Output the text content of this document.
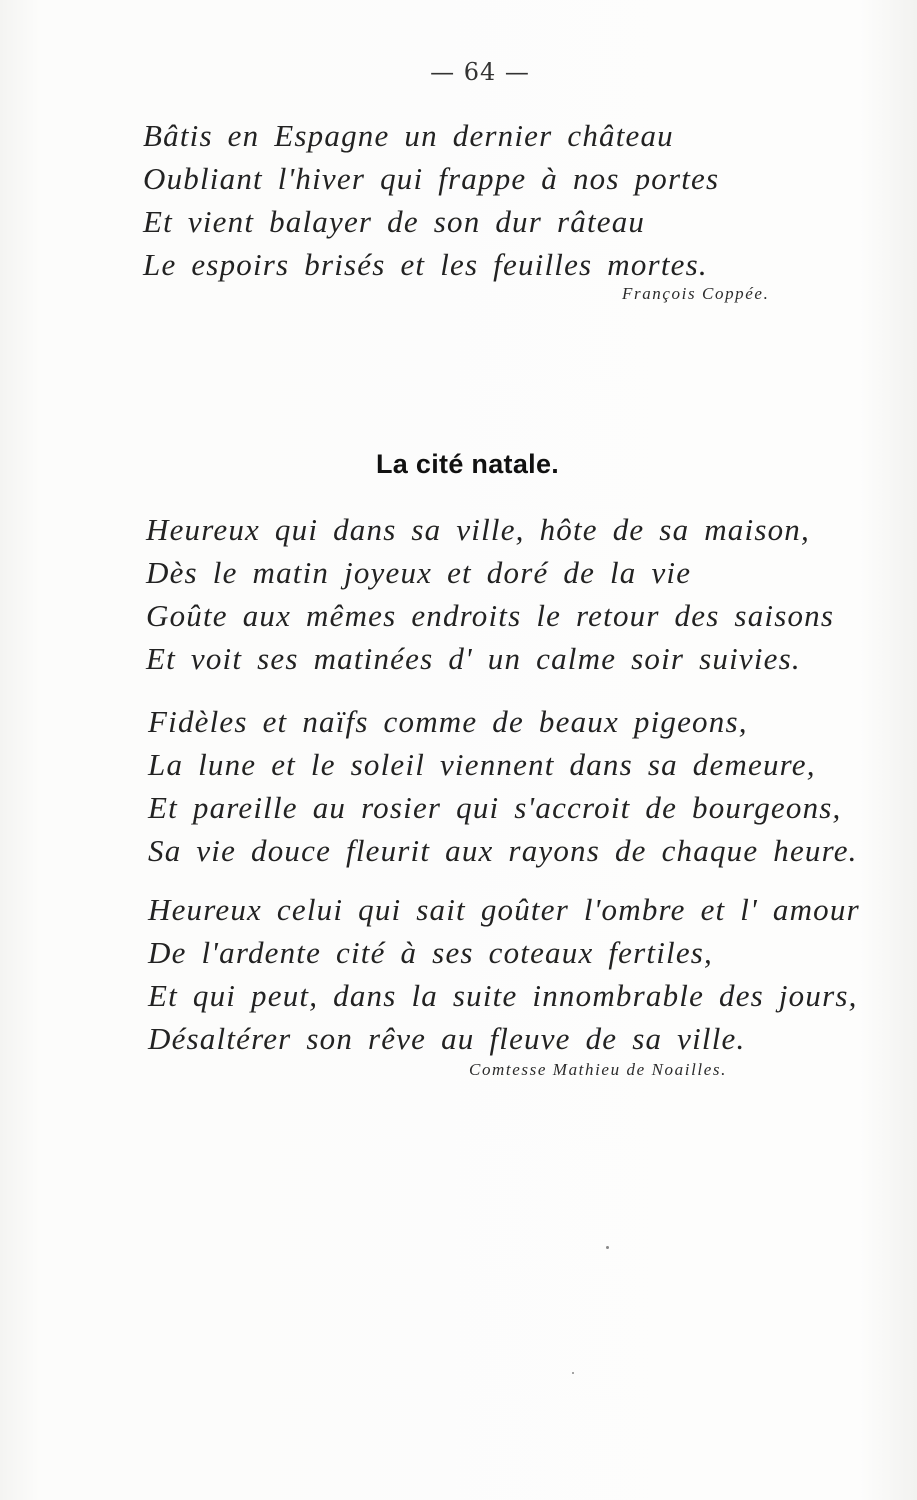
— 64 —
Bâtis en Espagne un dernier château
Oubliant l'hiver qui frappe à nos portes
Et vient balayer de son dur râteau
Le espoirs brisés et les feuilles mortes.
François Coppée.
La cité natale.
Heureux qui dans sa ville, hôte de sa maison,
Dès le matin joyeux et doré de la vie
Goûte aux mêmes endroits le retour des saisons
Et voit ses matinées d' un calme soir suivies.
Fidèles et naïfs comme de beaux pigeons,
La lune et le soleil viennent dans sa demeure,
Et pareille au rosier qui s'accroit de bourgeons,
Sa vie douce fleurit aux rayons de chaque heure.
Heureux celui qui sait goûter l'ombre et l' amour
De l'ardente cité à ses coteaux fertiles,
Et qui peut, dans la suite innombrable des jours,
Désaltérer son rêve au fleuve de sa ville.
Comtesse Mathieu de Noailles.
